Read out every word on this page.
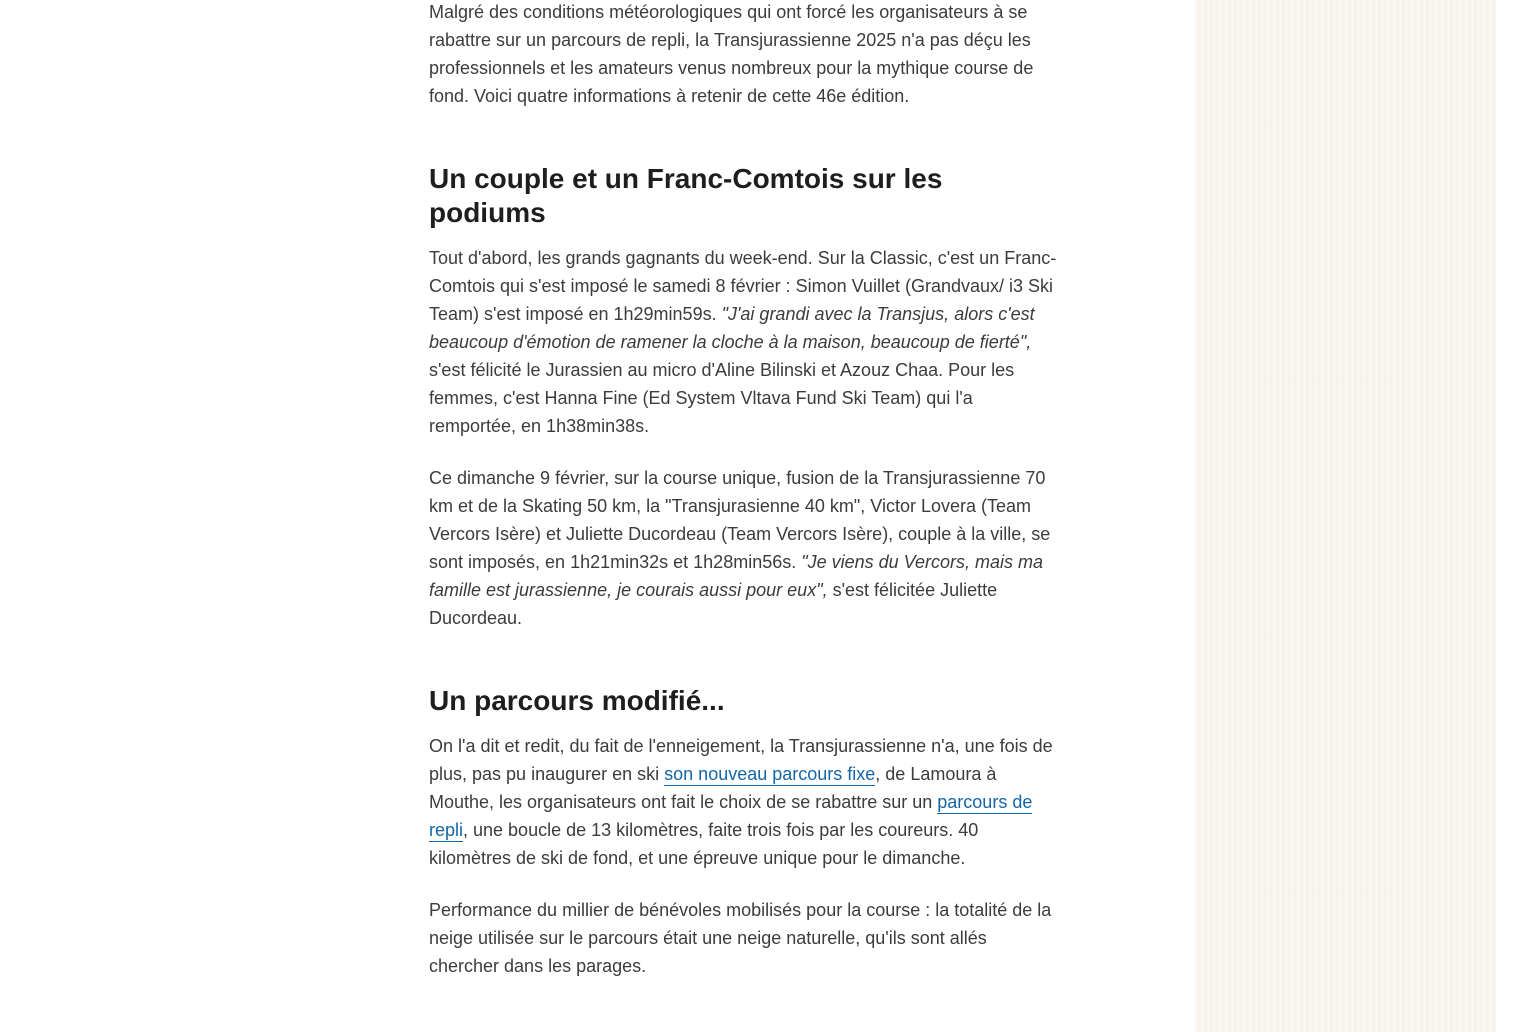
Malgré des conditions météorologiques qui ont forcé les organisateurs à se rabattre sur un parcours de repli, la Transjurassienne 2025 n'a pas déçu les professionnels et les amateurs venus nombreux pour la mythique course de fond. Voici quatre informations à retenir de cette 46e édition.

Un couple et un Franc-Comtois sur les podiums

Tout d'abord, les grands gagnants du week-end. Sur la Classic, c'est un Franc-Comtois qui s'est imposé le samedi 8 février : Simon Vuillet (Grandvaux/ i3 Ski Team) s'est imposé en 1h29min59s. "J'ai grandi avec la Transjus, alors c'est beaucoup d'émotion de ramener la cloche à la maison, beaucoup de fierté", s'est félicité le Jurassien au micro d'Aline Bilinski et Azouz Chaa. Pour les femmes, c'est Hanna Fine (Ed System Vltava Fund Ski Team) qui l'a remportée, en 1h38min38s.

Ce dimanche 9 février, sur la course unique, fusion de la Transjurassienne 70 km et de la Skating 50 km, la "Transjurasienne 40 km", Victor Lovera (Team Vercors Isère) et Juliette Ducordeau (Team Vercors Isère), couple à la ville, se sont imposés, en 1h21min32s et 1h28min56s. "Je viens du Vercors, mais ma famille est jurassienne, je courais aussi pour eux", s'est félicitée Juliette Ducordeau.

Un parcours modifié...

On l'a dit et redit, du fait de l'enneigement, la Transjurassienne n'a, une fois de plus, pas pu inaugurer en ski son nouveau parcours fixe, de Lamoura à Mouthe, les organisateurs ont fait le choix de se rabattre sur un parcours de repli, une boucle de 13 kilomètres, faite trois fois par les coureurs. 40 kilomètres de ski de fond, et une épreuve unique pour le dimanche.

Performance du millier de bénévoles mobilisés pour la course : la totalité de la neige utilisée sur le parcours était une neige naturelle, qu'ils sont allés chercher dans les parages.
